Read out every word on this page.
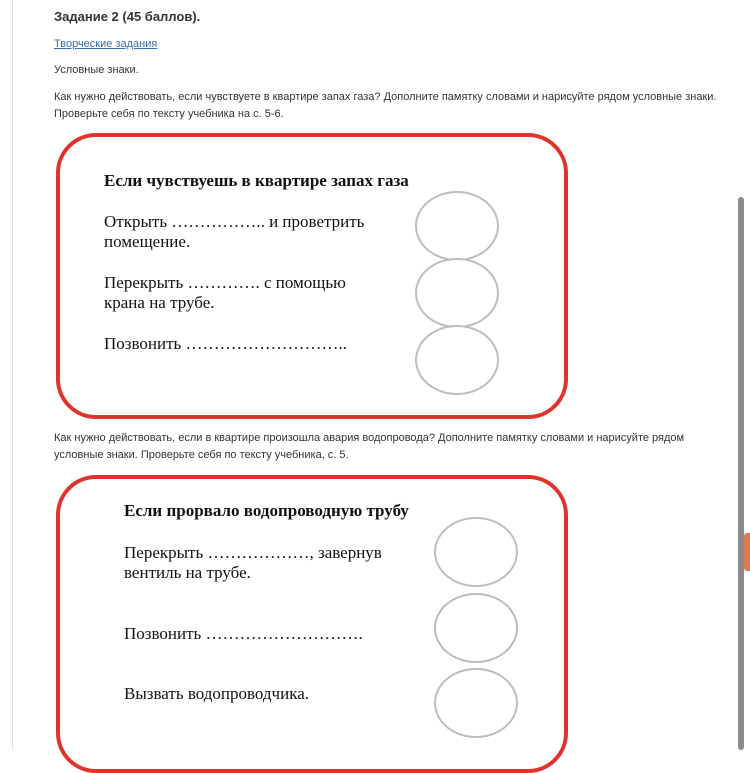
Задание 2 (45 баллов).
Творческие задания
Условные знаки.
Как нужно действовать, если чувствуете в квартире запах газа? Дополните памятку словами и нарисуйте рядом условные знаки.
Проверьте себя по тексту учебника на с. 5-6.
Если чувствуешь в квартире запах газа
Открыть …………….. и проветрить
помещение.
Перекрыть …………. с помощью
крана на трубе.
Позвонить ………………………..
Как нужно действовать, если в квартире произошла авария водопровода? Дополните памятку словами и нарисуйте рядом
условные знаки. Проверьте себя по тексту учебника, с. 5.
Если прорвало водопроводную трубу
Перекрыть ………………, завернув
вентиль на трубе.
Позвонить ……………………….
Вызвать водопроводчика.
